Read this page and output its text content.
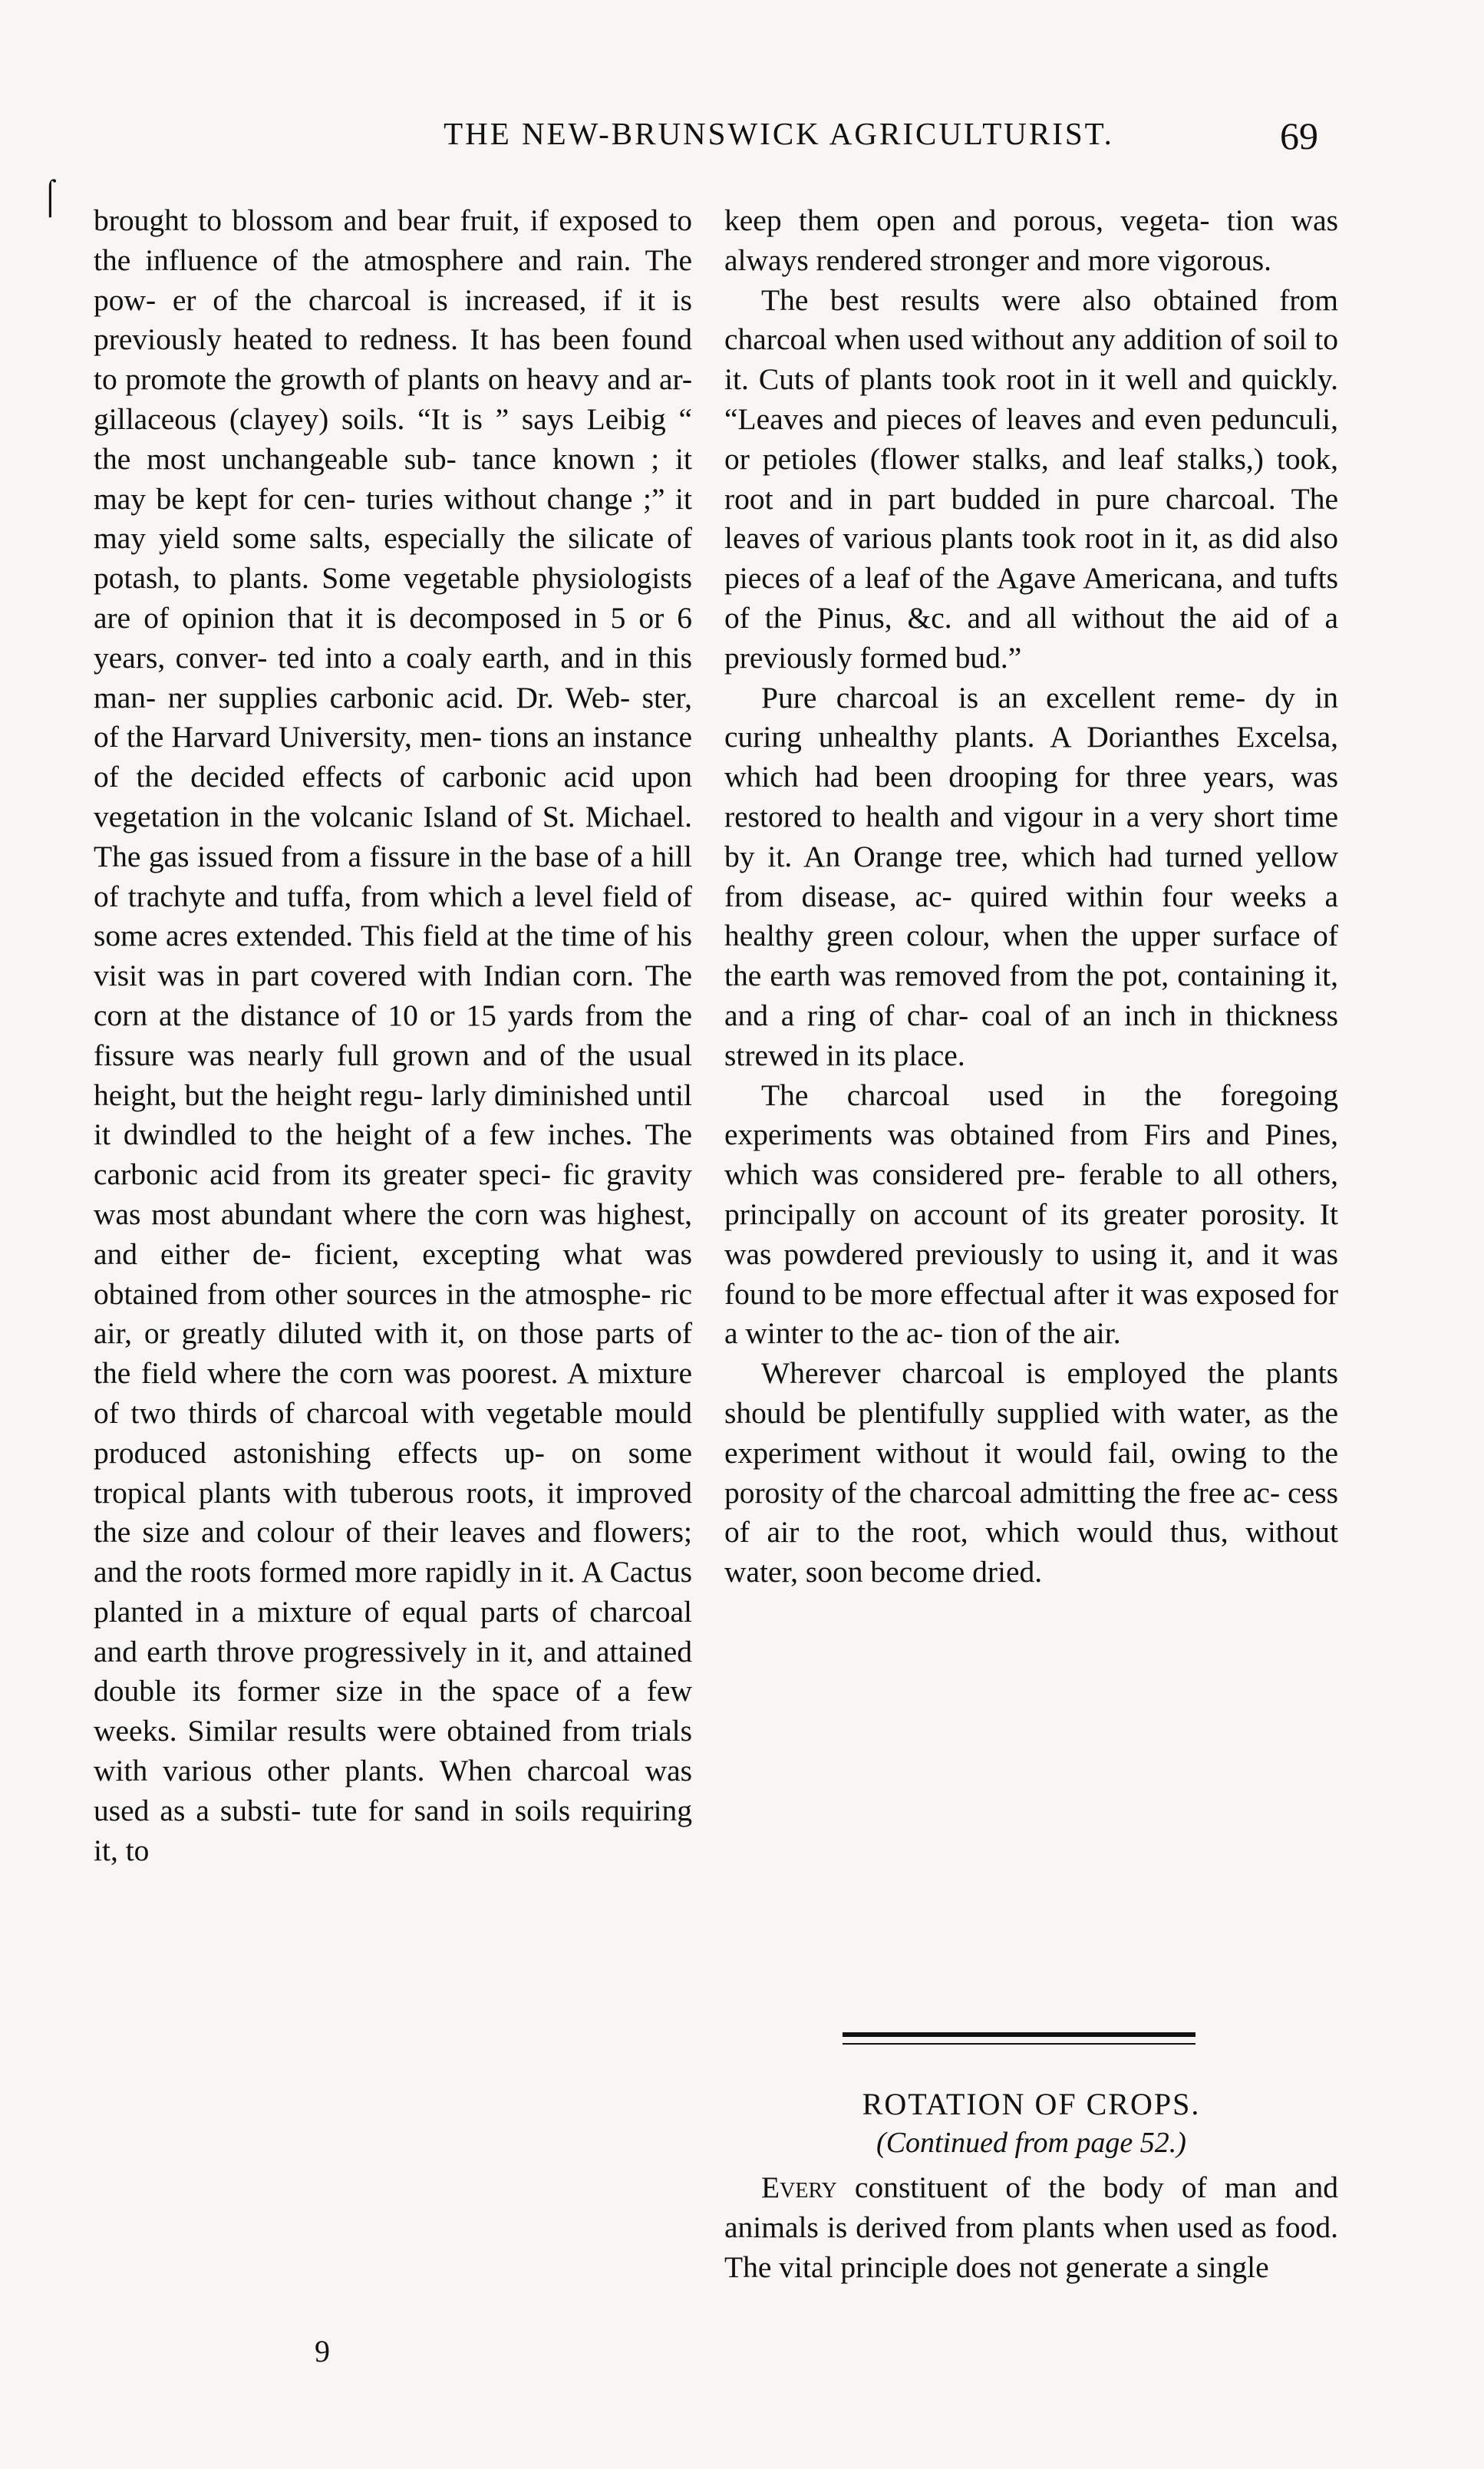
THE NEW-BRUNSWICK AGRICULTURIST.	69
⌠

brought to blossom and bear fruit, if exposed to the influence of the atmosphere and rain. The pow- er of the charcoal is increased, if it is previously heated to redness. It has been found to promote the growth of plants on heavy and ar- gillaceous (clayey) soils. “It is ” says Leibig “ the most unchangeable sub- tance known ; it may be kept for cen- turies without change ;” it may yield some salts, especially the silicate of potash, to plants. Some vegetable physiologists are of opinion that it is decomposed in 5 or 6 years, conver- ted into a coaly earth, and in this man- ner supplies carbonic acid. Dr. Web- ster, of the Harvard University, men- tions an instance of the decided effects of carbonic acid upon vegetation in the volcanic Island of St. Michael. The gas issued from a fissure in the base of a hill of trachyte and tuffa, from which a level field of some acres extended. This field at the time of his visit was in part covered with Indian corn. The corn at the distance of 10 or 15 yards from the fissure was nearly full grown and of the usual height, but the height regu- larly diminished until it dwindled to the height of a few inches. The carbonic acid from its greater speci- fic gravity was most abundant where the corn was highest, and either de- ficient, excepting what was obtained from other sources in the atmosphe- ric air, or greatly diluted with it, on those parts of the field where the corn was poorest. A mixture of two thirds of charcoal with vegetable mould produced astonishing effects up- on some tropical plants with tuberous roots, it improved the size and colour of their leaves and flowers; and the roots formed more rapidly in it. A Cactus planted in a mixture of equal parts of charcoal and earth throve progressively in it, and attained double its former size in the space of a few weeks. Similar results were obtained from trials with various other plants. When charcoal was used as a substi- tute for sand in soils requiring it, to

keep them open and porous, vegeta- tion was always rendered stronger and more vigorous.

The best results were also obtained from charcoal when used without any addition of soil to it. Cuts of plants took root in it well and quickly. “Leaves and pieces of leaves and even pedunculi, or petioles (flower stalks, and leaf stalks,) took, root and in part budded in pure charcoal. The leaves of various plants took root in it, as did also pieces of a leaf of the Agave Americana, and tufts of the Pinus, &c. and all without the aid of a previously formed bud.”

Pure charcoal is an excellent reme- dy in curing unhealthy plants. A Dorianthes Excelsa, which had been drooping for three years, was restored to health and vigour in a very short time by it. An Orange tree, which had turned yellow from disease, ac- quired within four weeks a healthy green colour, when the upper surface of the earth was removed from the pot, containing it, and a ring of char- coal of an inch in thickness strewed in its place.

The charcoal used in the foregoing experiments was obtained from Firs and Pines, which was considered pre- ferable to all others, principally on account of its greater porosity. It was powdered previously to using it, and it was found to be more effectual after it was exposed for a winter to the ac- tion of the air.

Wherever charcoal is employed the plants should be plentifully supplied with water, as the experiment without it would fail, owing to the porosity of the charcoal admitting the free ac- cess of air to the root, which would thus, without water, soon become dried.

ROTATION OF CROPS.
(Continued from page 52.)

Every constituent of the body of man and animals is derived from plants when used as food. The vital principle does not generate a single

9
